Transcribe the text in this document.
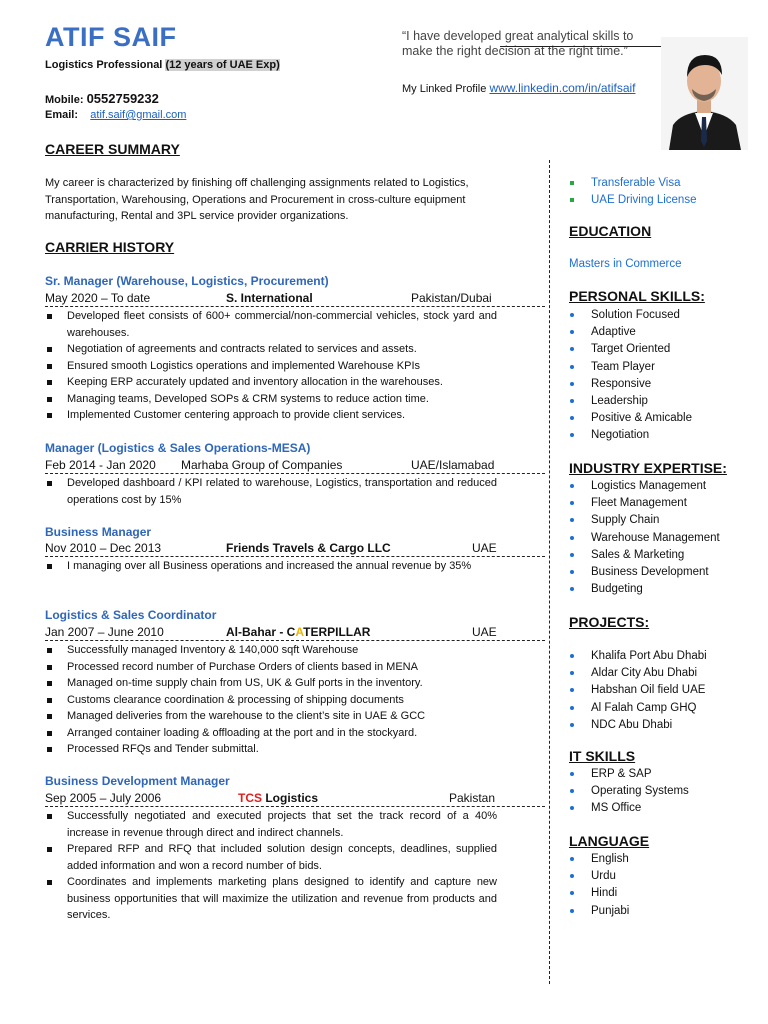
ATIF SAIF
Logistics Professional (12 years of UAE Exp)
Mobile: 0552759232
Email: atif.saif@gmail.com
“I have developed great analytical skills to make the right decision at the right time.”
My Linked Profile www.linkedin.com/in/atifsaif
CAREER SUMMARY
My career is characterized by finishing off challenging assignments related to Logistics, Transportation, Warehousing, Operations and Procurement in cross-culture equipment manufacturing, Rental and 3PL service provider organizations.
CARRIER HISTORY
Sr. Manager (Warehouse, Logistics, Procurement)
May 2020 – To date	S. International	Pakistan/Dubai
Developed fleet consists of 600+ commercial/non-commercial vehicles, stock yard and warehouses.
Negotiation of agreements and contracts related to services and assets.
Ensured smooth Logistics operations and implemented Warehouse KPIs
Keeping ERP accurately updated and inventory allocation in the warehouses.
Managing teams, Developed SOPs & CRM systems to reduce action time.
Implemented Customer centering approach to provide client services.
Manager (Logistics & Sales Operations-MESA)
Feb 2014 - Jan 2020 Marhaba Group of Companies	UAE/Islamabad
Developed dashboard / KPI related to warehouse, Logistics, transportation and reduced operations cost by 15%
Business Manager
Nov 2010 – Dec 2013	Friends Travels & Cargo LLC	UAE
I managing over all Business operations and increased the annual revenue by 35%
Logistics & Sales Coordinator
Jan 2007 – June 2010	Al-Bahar - CATERPILLAR	UAE
Successfully managed Inventory & 140,000 sqft Warehouse
Processed record number of Purchase Orders of clients based in MENA
Managed on-time supply chain from US, UK & Gulf ports in the inventory.
Customs clearance coordination & processing of shipping documents
Managed deliveries from the warehouse to the client’s site in UAE & GCC
Arranged container loading & offloading at the port and in the stockyard.
Processed RFQs and Tender submittal.
Business Development Manager
Sep 2005 – July 2006	TCS Logistics	Pakistan
Successfully negotiated and executed projects that set the track record of a 40% increase in revenue through direct and indirect channels.
Prepared RFP and RFQ that included solution design concepts, deadlines, supplied added information and won a record number of bids.
Coordinates and implements marketing plans designed to identify and capture new business opportunities that will maximize the utilization and revenue from products and services.
Transferable Visa
UAE Driving License
EDUCATION
Masters in Commerce
PERSONAL SKILLS:
Solution Focused
Adaptive
Target Oriented
Team Player
Responsive
Leadership
Positive & Amicable
Negotiation
INDUSTRY EXPERTISE:
Logistics Management
Fleet Management
Supply Chain
Warehouse Management
Sales & Marketing
Business Development
Budgeting
PROJECTS:
Khalifa Port Abu Dhabi
Aldar City Abu Dhabi
Habshan Oil field UAE
Al Falah Camp GHQ
NDC Abu Dhabi
IT SKILLS
ERP & SAP
Operating Systems
MS Office
LANGUAGE
English
Urdu
Hindi
Punjabi
